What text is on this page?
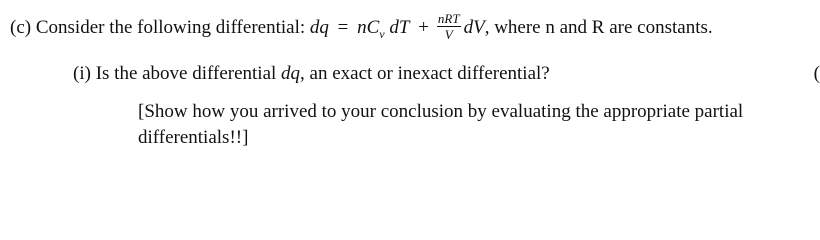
(c) Consider the following differential: dq = $nC_v$ dT + $\frac{\text{nRT}}{V}$ dV, where n and R are constants.
(i) Is the above differential dq, an exact or inexact differential?
[Show how you arrived to your conclusion by evaluating the appropriate partial
differentials!!]
(
